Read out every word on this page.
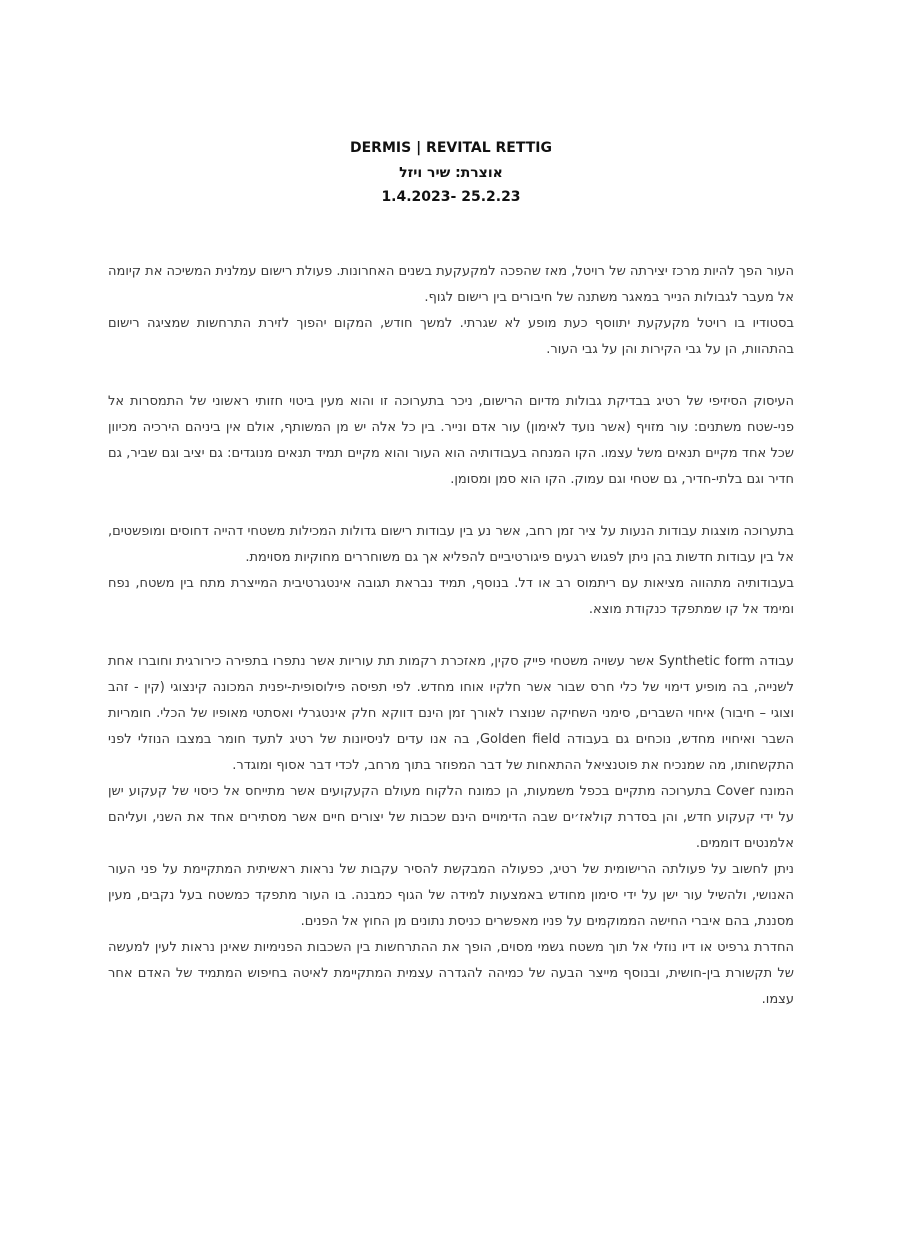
DERMIS | REVITAL RETTIG
אוצרת: שיר ויזל
1.4.2023- 25.2.23

העור הפך להיות מרכז יצירתה של רויטל, מאז שהפכה למקעקעת בשנים האחרונות. פעולת רישום עמלנית המשיכה את קיומה אל מעבר לגבולות הנייר במאגר משתנה של חיבורים בין רישום לגוף.

בסטודיו בו רויטל מקעקעת יתווסף כעת מופע לא שגרתי. למשך חודש, המקום יהפוך לזירת התרחשות שמציגה רישום בהתהוות, הן על גבי הקירות והן על גבי העור.

העיסוק הסיזיפי של רטיג בבדיקת גבולות מדיום הרישום, ניכר בתערוכה זו והוא מעין ביטוי חזותי ראשוני של התמסרות אל פני-שטח משתנים: עור מזויף (אשר נועד לאימון) עור אדם ונייר. בין כל אלה יש מן המשותף, אולם אין ביניהם הירכיה מכיוון שכל אחד מקיים תנאים משל עצמו. הקו המנחה בעבודותיה הוא העור והוא מקיים תמיד תנאים מנוגדים: גם יציב וגם שביר, גם חדיר וגם בלתי-חדיר, גם שטחי וגם עמוק. הקו הוא סמן ומסומן.

בתערוכה מוצגות עבודות הנעות על ציר זמן רחב, אשר נע בין עבודות רישום גדולות המכילות משטחי דהייה דחוסים ומופשטים, אל בין עבודות חדשות בהן ניתן לפגוש רגעים פיגורטיביים להפליא אך גם משוחררים מחוקיות מסוימת.

בעבודותיה מתהווה מציאות עם ריתמוס רב או דל. בנוסף, תמיד נבראת תגובה אינטגרטיבית המייצרת מתח בין משטח, נפח ומימד אל קו שמתפקד כנקודת מוצא.

עבודה Synthetic form אשר עשויה משטחי פייק סקין, מאזכרת רקמות תת עוריות אשר נתפרו בתפירה כירורגית וחוברו אחת לשנייה, בה מופיע דימוי של כלי חרס שבור אשר חלקיו אוחו מחדש. לפי תפיסה פילוסופית-יפנית המכונה קינצוגי (קין - זהב וצוגי – חיבור) איחוי השברים, סימני השחיקה שנוצרו לאורך זמן הינם דווקא חלק אינטגרלי ואסתטי מאופיו של הכלי. חומריות השבר ואיחויו מחדש, נוכחים גם בעבודה Golden field, בה אנו עדים לניסיונות של רטיג לתעד חומר במצבו הנוזלי לפני התקשחותו, מה שמנכיח את פוטנציאל ההתאחות של דבר המפוזר בתוך מרחב, לכדי דבר אסוף ומוגדר.

המונח Cover בתערוכה מתקיים בכפל משמעות, הן כמונח הלקוח מעולם הקעקועים אשר מתייחס אל כיסוי של קעקוע ישן על ידי קעקוע חדש, והן בסדרת קולאז׳ים שבה הדימויים הינם שכבות של יצורים חיים אשר מסתירים אחד את השני, ועליהם אלמנטים דוממים.

ניתן לחשוב על פעולתה הרישומית של רטיג, כפעולה המבקשת להסיר עקבות של נראות ראשיתית המתקיימת על פני העור האנושי, ולהשיל עור ישן על ידי סימון מחודש באמצעות למידה של הגוף כמבנה. בו העור מתפקד כמשטח בעל נקבים, מעין מסננת, בהם איברי החישה הממוקמים על פניו מאפשרים כניסת נתונים מן החוץ אל הפנים.

החדרת גרפיט או דיו נוזלי אל תוך משטח גשמי מסוים, הופך את ההתרחשות בין השכבות הפנימיות שאינן נראות לעין למעשה של תקשורת בין-חושית, ובנוסף מייצר הבעה של כמיהה להגדרה עצמית המתקיימת לאיטה בחיפוש המתמיד של האדם אחר עצמו.
